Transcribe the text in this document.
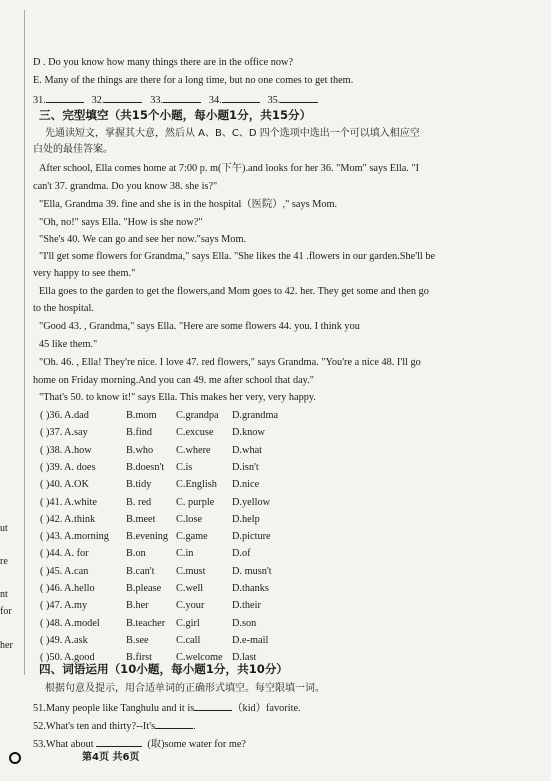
D . Do you know how many things there are in the office now?
E. Many of the things are there for a long time, but no one comes to get them.
31.	32.	33.	34.	35.
三、完型填空（共15个小题，每小题1分，共15分）
先通读短文，掌握其大意，然后从 A、B、C、D 四个选项中选出一个可以填入相应空
白处的最佳答案。
After school, Ella comes home at 7:00 p. m(下午).and looks for her 36. "Mom" says Ella. "I
can't 37. grandma. Do you know 38. she is?"
"Ella, Grandma 39. fine and she is in the hospital（医院）," says Mom.
"Oh, no!" says Ella. "How is she now?"
"She's 40. We can go and see her now."says Mom.
"I'll get some flowers for Grandma," says Ella. "She likes the 41 .flowers in our garden.She'll be
very happy to see them."
Ella goes to the garden to get the flowers,and Mom goes to 42. her. They get some and then go
to the hospital.
"Good 43. , Grandma," says Ella. "Here are some flowers 44. you. I think you
45 like them."
"Oh. 46. , Ella! They're nice. I love 47. red flowers," says Grandma. "You're a nice 48. I'll go
home on Friday morning.And you can 49. me after school that day."
"That's 50. to know it!" says Ella. This makes her very, very happy.
( )36. A.dad	B.mom C.grandpa D.grandma
( )37. A.say	B.find C.excuse D.know
( )38. A.how	B.who C.where D.what
( )39. A. does	B.doesn't C.is	D.isn't
( )40. A.OK	B.tidy C.English D.nice
( )41. A.white	B. red C. purple D.yellow
( )42. A.think	B.meet C.lose	D.help
( )43. A.morning B.evening C.game D.picture
( )44. A. for	B.on	C.in	D.of
( )45. A.can	B.can't C.must	D. musn't
( )46. A.hello	B.please C.well	D.thanks
( )47. A.my	B.her	C.your	D.their
( )48. A.model	B.teacher C.girl	D.son
( )49. A.ask	B.see	C.call	D.e-mail
( )50. A.good	B.first C.welcome D.last
四、词语运用（10小题，每小题1分，共10分）
根据句意及提示，用合适单词的正确形式填空。每空限填一词。
51.Many people like Tanghulu and it is	（kid）favorite.
52.What's ten and thirty?--It's	.
53.What about	(取)some water for me?
第4页 共6页
ut
re
nt
for
her
